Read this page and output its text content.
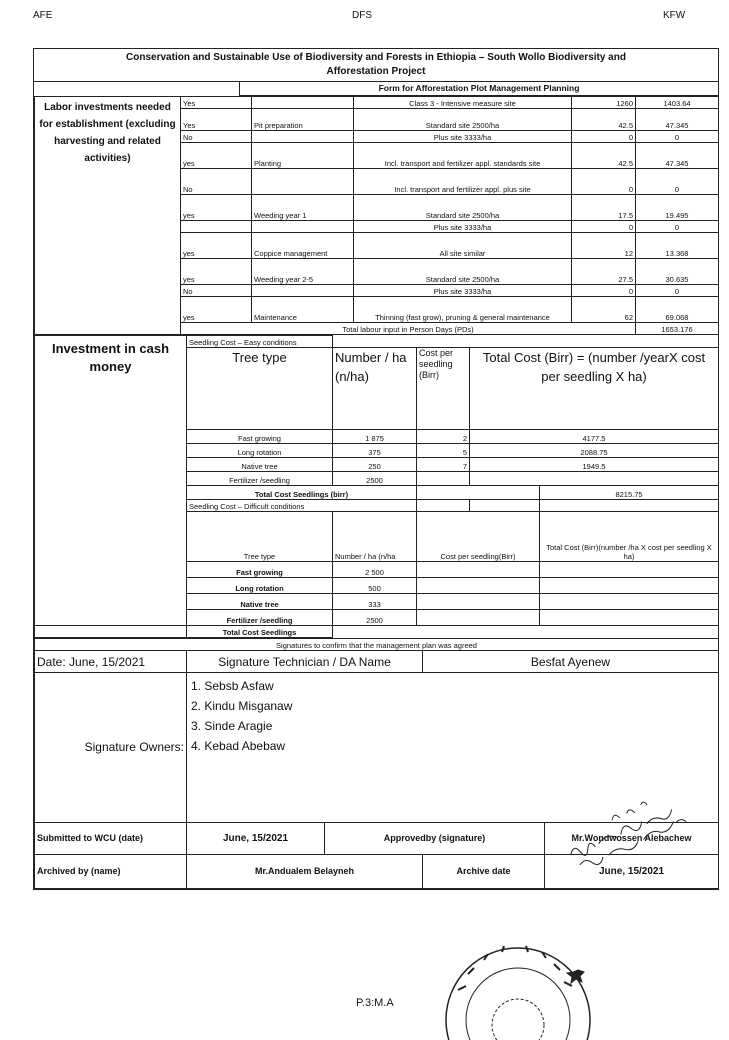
AFE	DFS	KFW
Conservation and Sustainable Use of Biodiversity and Forests in Ethiopia – South Wollo Biodiversity and
Afforestation Project
Form for Afforestation Plot Management Planning
Labor investments needed for establishment (excluding harvesting and related activities)	Yes		Class 3 - Intensive measure site	1260	1403.64
	Yes	Pit preparation	Standard site 2500/ha	42.5	47.345
	No		Plus site 3333/ha	0	0
	yes	Planting	Incl. transport and fertilizer appl. standards site	42.5	47.345
	No		Incl. transport and fertilizer appl. plus site	0	0
	yes	Weeding year 1	Standard site 2500/ha	17.5	19.495
			Plus site 3333/ha	0	0
	yes	Coppice management	All site similar	12	13.368
	yes	Weeding year 2-5	Standard site 2500/ha	27.5	30.635
	No		Plus site 3333/ha	0	0
	yes	Maintenance	Thinning (fast grow), pruning & general maintenance	62	69.068
	Total labour input in Person Days (PDs)				1653.176
Investment in cash money	Seedling Cost – Easy conditions				
	Tree type	Number / ha (n/ha)	Cost per seedling (Birr)	Total Cost (Birr) = (number /yearX cost per seedling X ha)	
	Fast growing	1 875	2	4177.5	
	Long rotation	375	5	2088.75	
	Native tree	250	7	1949.5	
	Fertilizer /seedling	2500			
	Total Cost Seedlings (birr)				8215.75
	Seedling Cost – Difficult conditions				
	Tree type	Number / ha (n/ha	Cost per seedling(Birr)		Total Cost (Birr)(number /ha X cost per seedling X ha)
	Fast growing	2 500			
	Long rotation	500			
	Native tree	333			
	Fertilizer /seedling	2500			
	Total Cost Seedlings				
Signatures to confirm that the management plan was agreed				
Date: June, 15/2021	Signature Technician / DA Name		Besfat Ayenew	
Signature Owners:	1. Sebsb Asfaw
2. Kindu Misganaw
3. Sinde Aragie
4. Kebad Abebaw			

Submitted to WCU (date)	June, 15/2021	Approvedby (signature)		Mr.Wondwossen Alebachew
Archived by (name)	Mr.Andualem Belayneh		Archive date	June, 15/2021
P.3:M.A
